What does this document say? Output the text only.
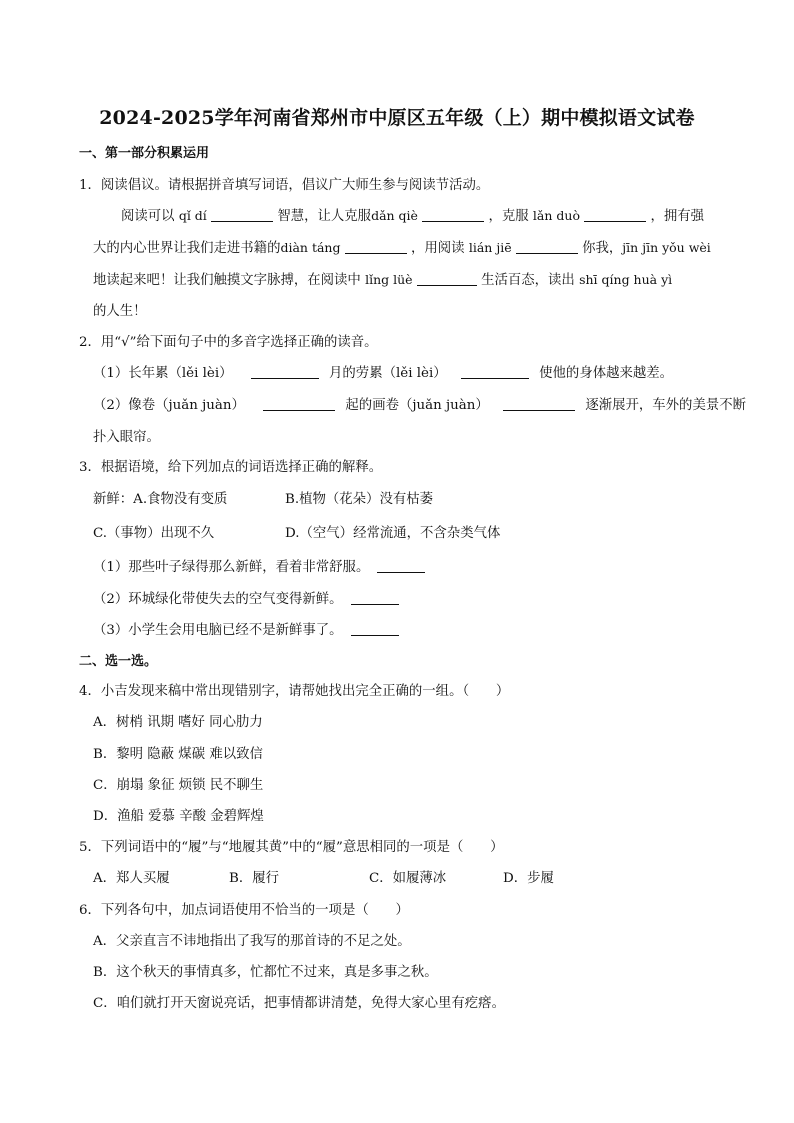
2024-2025学年河南省郑州市中原区五年级（上）期中模拟语文试卷
一、第一部分积累运用
1．阅读倡议。请根据拼音填写词语，倡议广大师生参与阅读节活动。
阅读可以 qǐ dí	智慧，让人克服dǎn qiè	，克服 lǎn duò	，拥有强
大的内心世界让我们走进书籍的diàn táng	，用阅读 lián jiē	你我，jīn jīn yǒu wèi
地读起来吧！让我们触摸文字脉搏，在阅读中 lǐng lüè	生活百态，读出 shī qíng huà yì
的人生！
2．用“√”给下面句子中的多音字选择正确的读音。
（1）长年累（lěi lèi）	月的劳累（lěi lèi）	使他的身体越来越差。
（2）像卷（juǎn juàn）	起的画卷（juǎn juàn）	逐渐展开，车外的美景不断
扑入眼帘。
3．根据语境，给下列加点的词语选择正确的解释。
新鲜：A.食物没有变质	B.植物（花朵）没有枯萎
C.（事物）出现不久	D.（空气）经常流通，不含杂类气体
（1）那些叶子绿得那么新鲜，看着非常舒服。
（2）环城绿化带使失去的空气变得新鲜。
（3）小学生会用电脑已经不是新鲜事了。
二、选一选。
4．小吉发现来稿中常出现错别字，请帮她找出完全正确的一组。（　　）
A．树梢 讯期 嗜好 同心肋力
B．黎明 隐蔽 煤碳 难以致信
C．崩塌 象征 烦锁 民不聊生
D．渔船 爱慕 辛酸 金碧辉煌
5．下列词语中的“履”与“地履其黄”中的“履”意思相同的一项是（　　）
A．郑人买履	B．履行	C．如履薄冰	D．步履
6．下列各句中，加点词语使用不恰当的一项是（　　）
A．父亲直言不讳地指出了我写的那首诗的不足之处。
B．这个秋天的事情真多，忙都忙不过来，真是多事之秋。
C．咱们就打开天窗说亮话，把事情都讲清楚，免得大家心里有疙瘩。
